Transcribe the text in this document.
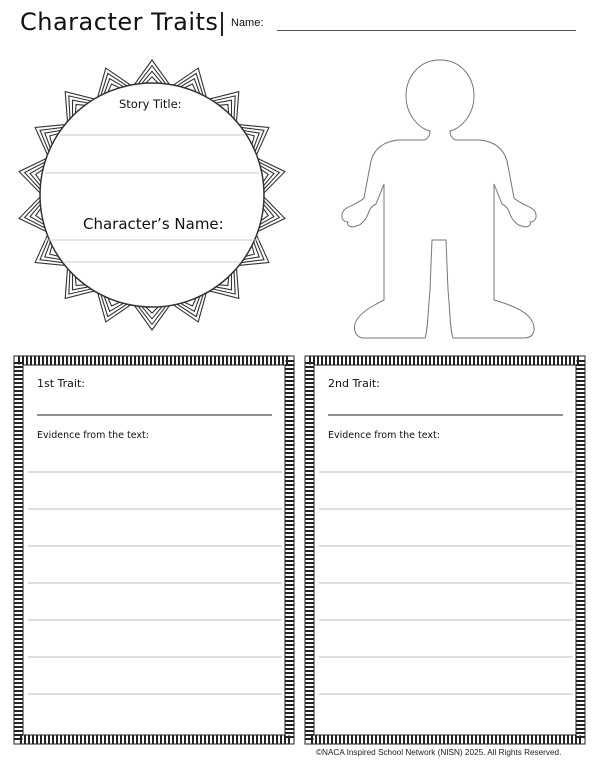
Character Traits Name:
Story Title:
Character’s Name:
1st Trait:
Evidence from the text:
2nd Trait:
Evidence from the text:
©NACA Inspired School Network (NISN) 2025. All Rights Reserved.
